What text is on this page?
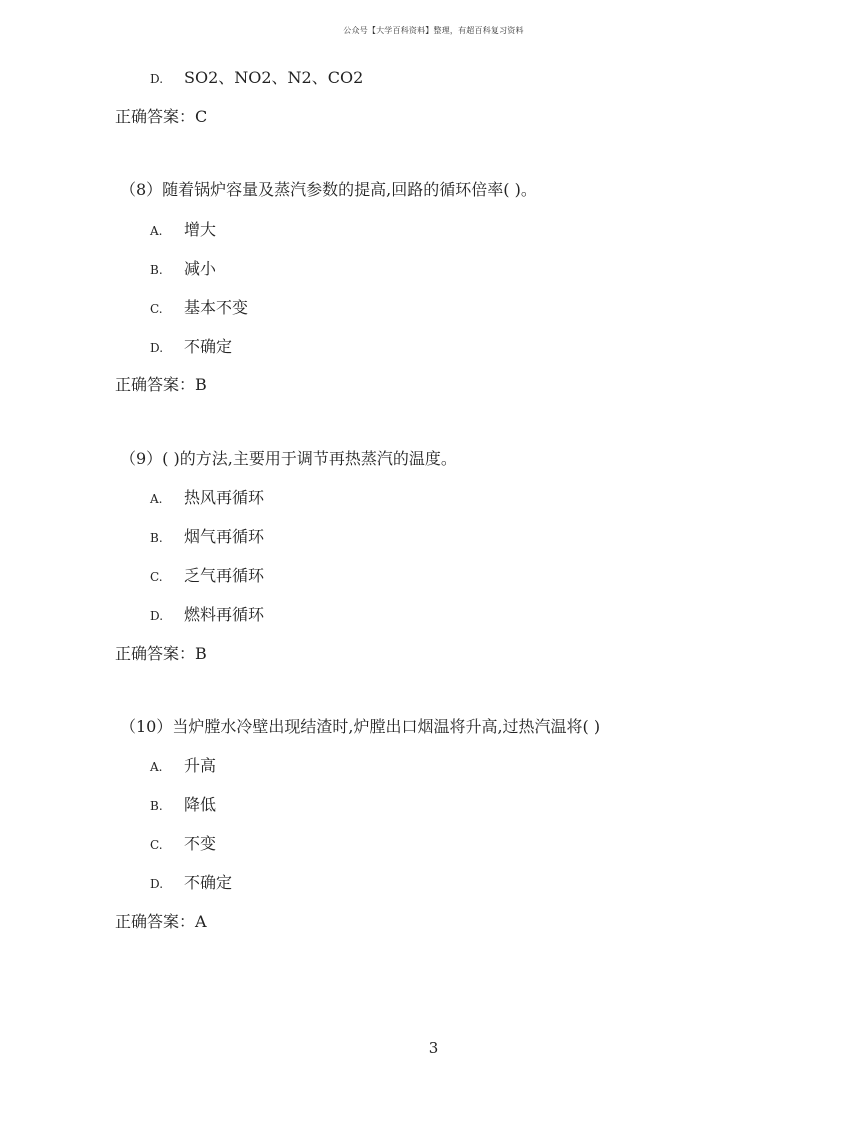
公众号【大学百科资料】整理，有超百科复习资料
D. SO2、NO2、N2、CO2
正确答案：C
（8）随着锅炉容量及蒸汽参数的提高,回路的循环倍率( )。
A. 增大
B. 减小
C. 基本不变
D. 不确定
正确答案：B
（9）( )的方法,主要用于调节再热蒸汽的温度。
A. 热风再循环
B. 烟气再循环
C. 乏气再循环
D. 燃料再循环
正确答案：B
（10）当炉膛水冷壁出现结渣时,炉膛出口烟温将升高,过热汽温将( )
A. 升高
B. 降低
C. 不变
D. 不确定
正确答案：A
3
